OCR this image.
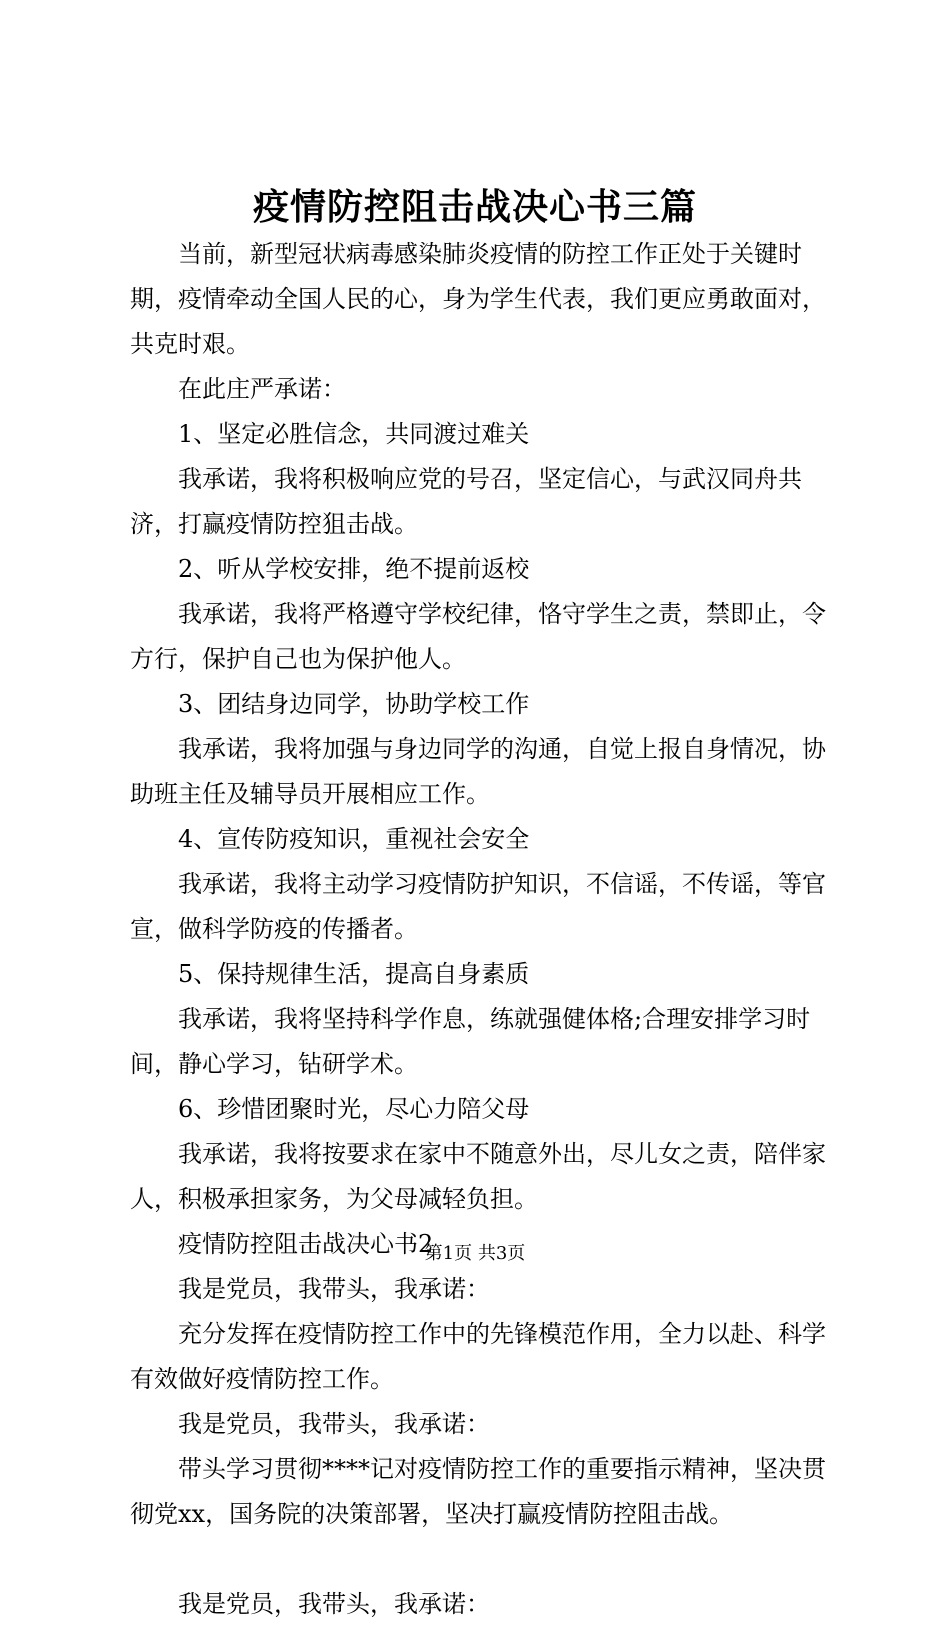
疫情防控阻击战决心书三篇

当前，新型冠状病毒感染肺炎疫情的防控工作正处于关键时期，疫情牵动全国人民的心，身为学生代表，我们更应勇敢面对，共克时艰。

在此庄严承诺：

1、坚定必胜信念，共同渡过难关

我承诺，我将积极响应党的号召，坚定信心，与武汉同舟共济，打赢疫情防控狙击战。

2、听从学校安排，绝不提前返校

我承诺，我将严格遵守学校纪律，恪守学生之责，禁即止，令方行，保护自己也为保护他人。

3、团结身边同学，协助学校工作

我承诺，我将加强与身边同学的沟通，自觉上报自身情况，协助班主任及辅导员开展相应工作。

4、宣传防疫知识，重视社会安全

我承诺，我将主动学习疫情防护知识，不信谣，不传谣，等官宣，做科学防疫的传播者。

5、保持规律生活，提高自身素质

我承诺，我将坚持科学作息，练就强健体格;合理安排学习时间，静心学习，钻研学术。

6、珍惜团聚时光，尽心力陪父母

我承诺，我将按要求在家中不随意外出，尽儿女之责，陪伴家人，积极承担家务，为父母减轻负担。

疫情防控阻击战决心书2

我是党员，我带头，我承诺：

充分发挥在疫情防控工作中的先锋模范作用，全力以赴、科学有效做好疫情防控工作。

我是党员，我带头，我承诺：

带头学习贯彻****记对疫情防控工作的重要指示精神，坚决贯彻党xx，国务院的决策部署，坚决打赢疫情防控阻击战。

我是党员，我带头，我承诺：

第1页 共3页
